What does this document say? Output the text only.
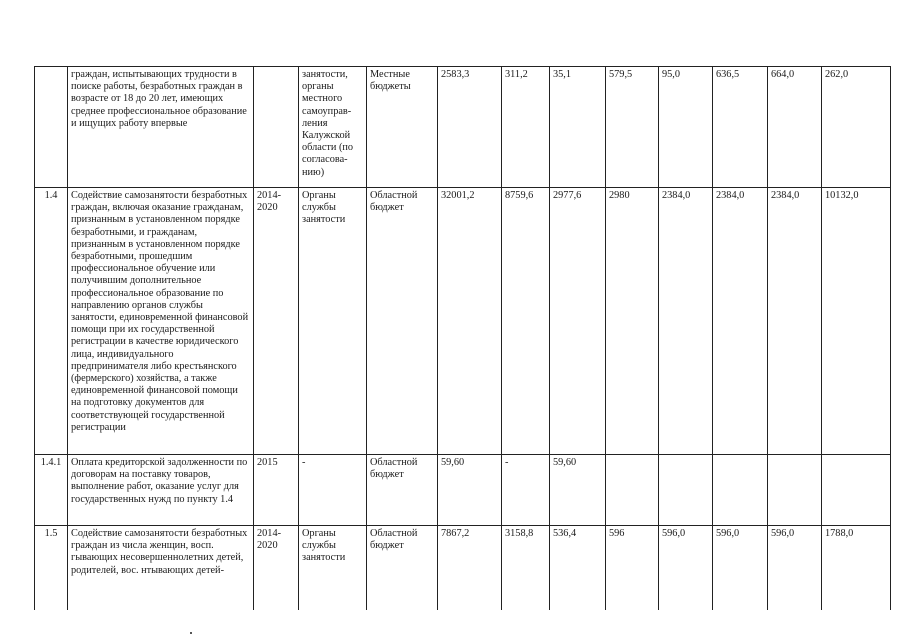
	граждан, испытывающих трудности в поиске работы, безработных граждан в возрасте от 18 до 20 лет, имеющих среднее профессиональное образование и ищущих работу впервые		занятости, органы местного самоуправ-ления Калужской области (по согласова-нию)	Местные бюджеты	2583,3	311,2	35,1	579,5	95,0	636,5	664,0	262,0
1.4	Содействие самозанятости безработных граждан, включая оказание гражданам, признанным в установленном порядке безработными, и гражданам, признанным в установленном порядке безработными, прошедшим профессиональное обучение или получившим дополнительное профессиональное образование по направлению органов службы занятости, единовременной финансовой помощи при их государственной регистрации в качестве юридического лица, индивидуального предпринимателя либо крестьянского (фермерского) хозяйства, а также единовременной финансовой помощи на подготовку документов для соответствующей государственной регистрации	2014-2020	Органы службы занятости	Областной бюджет	32001,2	8759,6	2977,6	2980	2384,0	2384,0	2384,0	10132,0
1.4.1	Оплата кредиторской задолженности по договорам на поставку товаров, выполнение работ, оказание услуг для государственных нужд по пункту 1.4	2015	-	Областной бюджет	59,60	-	59,60					
1.5	Содействие самозанятости безработных граждан из числа женщин, восп. гывающих несовершеннолетних детей, родителей, вос. нтывающих детей-	2014-2020	Органы службы занятости	Областной бюджет	7867,2	3158,8	536,4	596	596,0	596,0	596,0	1788,0
